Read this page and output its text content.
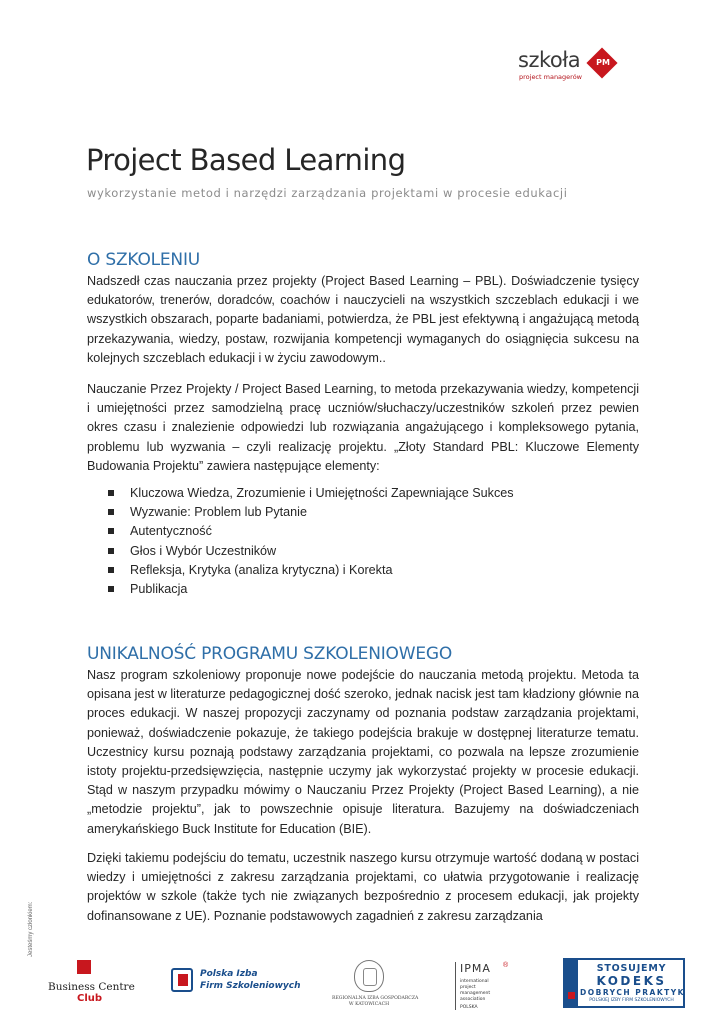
szkoła	PM
project managerów
Project Based Learning
wykorzystanie metod i narzędzi zarządzania projektami w procesie edukacji
O SZKOLENIU

Nadszedł czas nauczania przez projekty (Project Based Learning – PBL). Doświadczenie tysięcy edukatorów, trenerów, doradców, coachów i nauczycieli na wszystkich szczeblach edukacji i we wszystkich obszarach, poparte badaniami, potwierdza, że PBL jest efektywną i angażującą metodą przekazywania, wiedzy, postaw, rozwijania kompetencji wymaganych do osiągnięcia sukcesu na kolejnych szczeblach edukacji i w życiu zawodowym..

Nauczanie Przez Projekty / Project Based Learning, to metoda przekazywania wiedzy, kompetencji i umiejętności przez samodzielną pracę uczniów/słuchaczy/uczestników szkoleń przez pewien okres czasu i znalezienie odpowiedzi lub rozwiązania angażującego i kompleksowego pytania, problemu lub wyzwania – czyli realizację projektu. „Złoty Standard PBL: Kluczowe Elementy Budowania Projektu” zawiera następujące elementy:

Kluczowa Wiedza, Zrozumienie i Umiejętności Zapewniające Sukces
Wyzwanie: Problem lub Pytanie
Autentyczność
Głos i Wybór Uczestników
Refleksja, Krytyka (analiza krytyczna) i Korekta
Publikacja
UNIKALNOŚĆ PROGRAMU SZKOLENIOWEGO

Nasz program szkoleniowy proponuje nowe podejście do nauczania metodą projektu. Metoda ta opisana jest w literaturze pedagogicznej dość szeroko, jednak nacisk jest tam kładziony głównie na proces edukacji. W naszej propozycji zaczynamy od poznania podstaw zarządzania projektami, ponieważ, doświadczenie pokazuje, że takiego podejścia brakuje w dostępnej literaturze tematu. Uczestnicy kursu poznają podstawy zarządzania projektami, co pozwala na lepsze zrozumienie istoty projektu-przedsięwzięcia, następnie uczymy jak wykorzystać projekty w procesie edukacji. Stąd w naszym przypadku mówimy o Nauczaniu Przez Projekty (Project Based Learning), a nie „metodzie projektu”, jak to powszechnie opisuje literatura. Bazujemy na doświadczeniach amerykańskiego Buck Institute for Education (BIE).

Dzięki takiemu podejściu do tematu, uczestnik naszego kursu otrzymuje wartość dodaną w postaci wiedzy i umiejętności z zakresu zarządzania projektami, co ułatwia przygotowanie i realizację projektów w szkole (także tych nie związanych bezpośrednio z procesem edukacji, jak projekty dofinansowane z UE). Poznanie podstawowych zagadnień z zakresu zarządzania

Jesteśmy członkiem:
Business Centre
Club
Polska Izba
Firm Szkoleniowych
REGIONALNA IZBA GOSPODARCZA
W KATOWICACH
IPMA ®
international
project
management
association
POLSKA
STOSUJEMY
KODEKS
DOBRYCH PRAKTYK
POLSKIEJ IZBY FIRM SZKOLENIOWYCH
